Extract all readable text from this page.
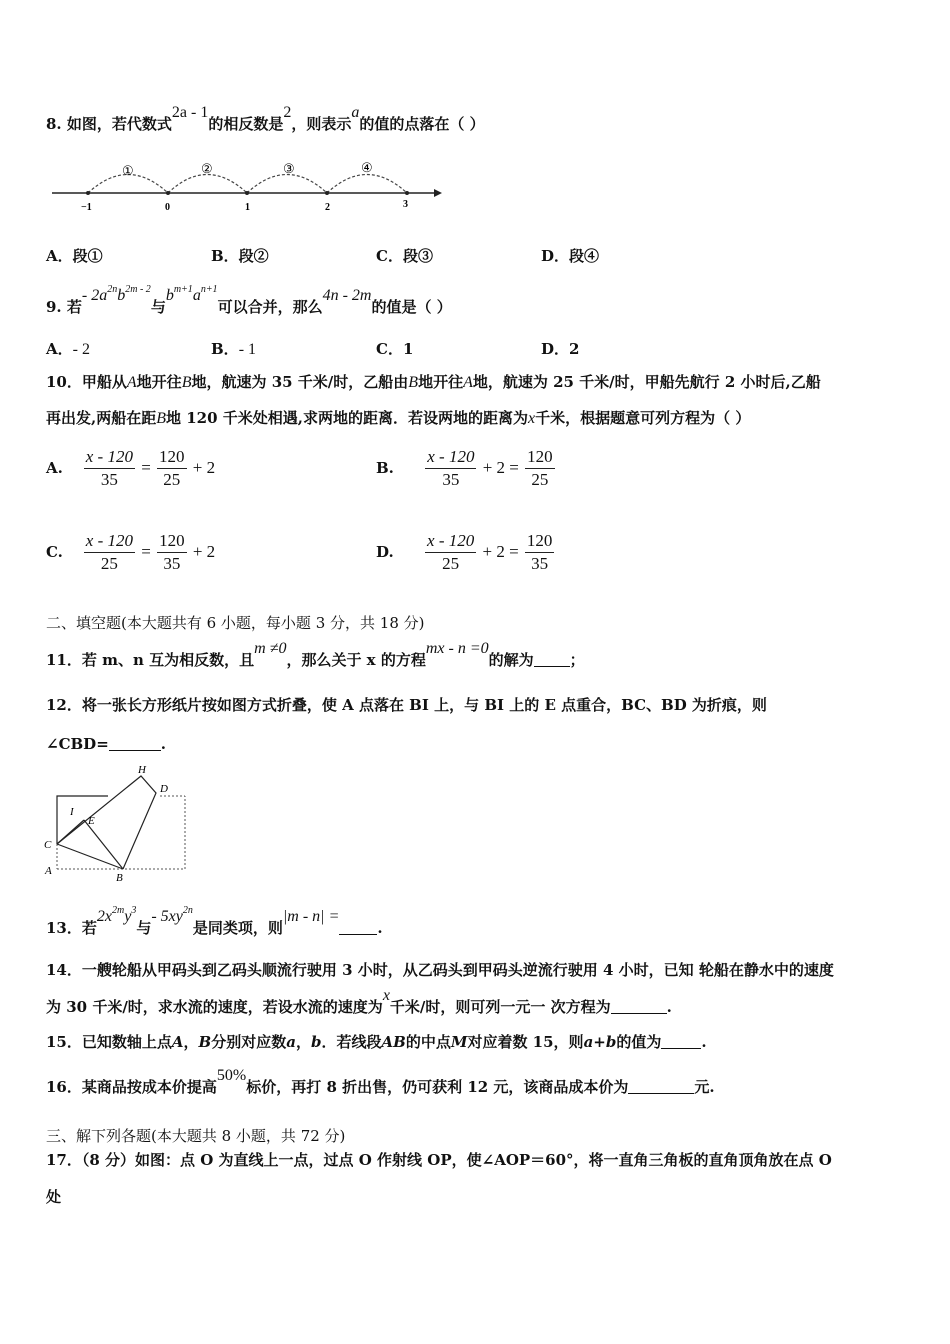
8. 如图，若代数式2a - 1的相反数是2，则表示a的值的点落在（ ）
①	②	③	④
−1	0	1	2	3
A．段①	B．段②	C．段③	D．段④
9. 若- $2a^{2n}b^{2m - 2}$与$b^{m+1}a^{n+1}$可以合并，那么4n - 2m的值是（ ）
A．- 2	B．- 1	C．1	D．2
10．甲船从A地开往B地，航速为 35 千米/时，乙船由B地开往A地，航速为 25 千米/时，甲船先航行 2 小时后,乙船
再出发,两船在距B地 120 千米处相遇,求两地的距离．若设两地的距离为x千米，根据题意可列方程为（ ）
A. $\frac{x - 120}{35} = \frac{120}{25} + 2$	B. $\frac{x - 120}{35} + 2 = \frac{120}{25}$
C. $\frac{x - 120}{25} = \frac{120}{35} + 2$	D. $\frac{x - 120}{25} + 2 = \frac{120}{35}$
二、填空题(本大题共有 6 小题，每小题 3 分，共 18 分)
11．若 m、n 互为相反数，且m ≠0，那么关于 x 的方程mx - n =0的解为 ；
12．将一张长方形纸片按如图方式折叠，使 A 点落在 BI 上，与 BI 上的 E 点重合，BC、BD 为折痕，则
∠CBD=	.
H
D
I
E
C
A
B
13．若$2x^{2m}y^3$与- $5xy^{2n}$是同类项，则|m - n| =.
14．一艘轮船从甲码头到乙码头顺流行驶用 3 小时，从乙码头到甲码头逆流行驶用 4 小时，已知 轮船在静水中的速度
为 30 千米/时，求水流的速度，若设水流的速度为x千米/时，则可列一元一 次方程为	.
15．已知数轴上点A，B分别对应数a，b．若线段AB的中点M对应着数 15，则a+b的值为	.
16．某商品按成本价提高50%标价，再打 8 折出售，仍可获利 12 元，该商品成本价为	元.
三、解下列各题(本大题共 8 小题，共 72 分)
17．（8 分）如图：点 O 为直线上一点，过点 O 作射线 OP，使∠AOP＝60°，将一直角三角板的直角顶角放在点 O
处
